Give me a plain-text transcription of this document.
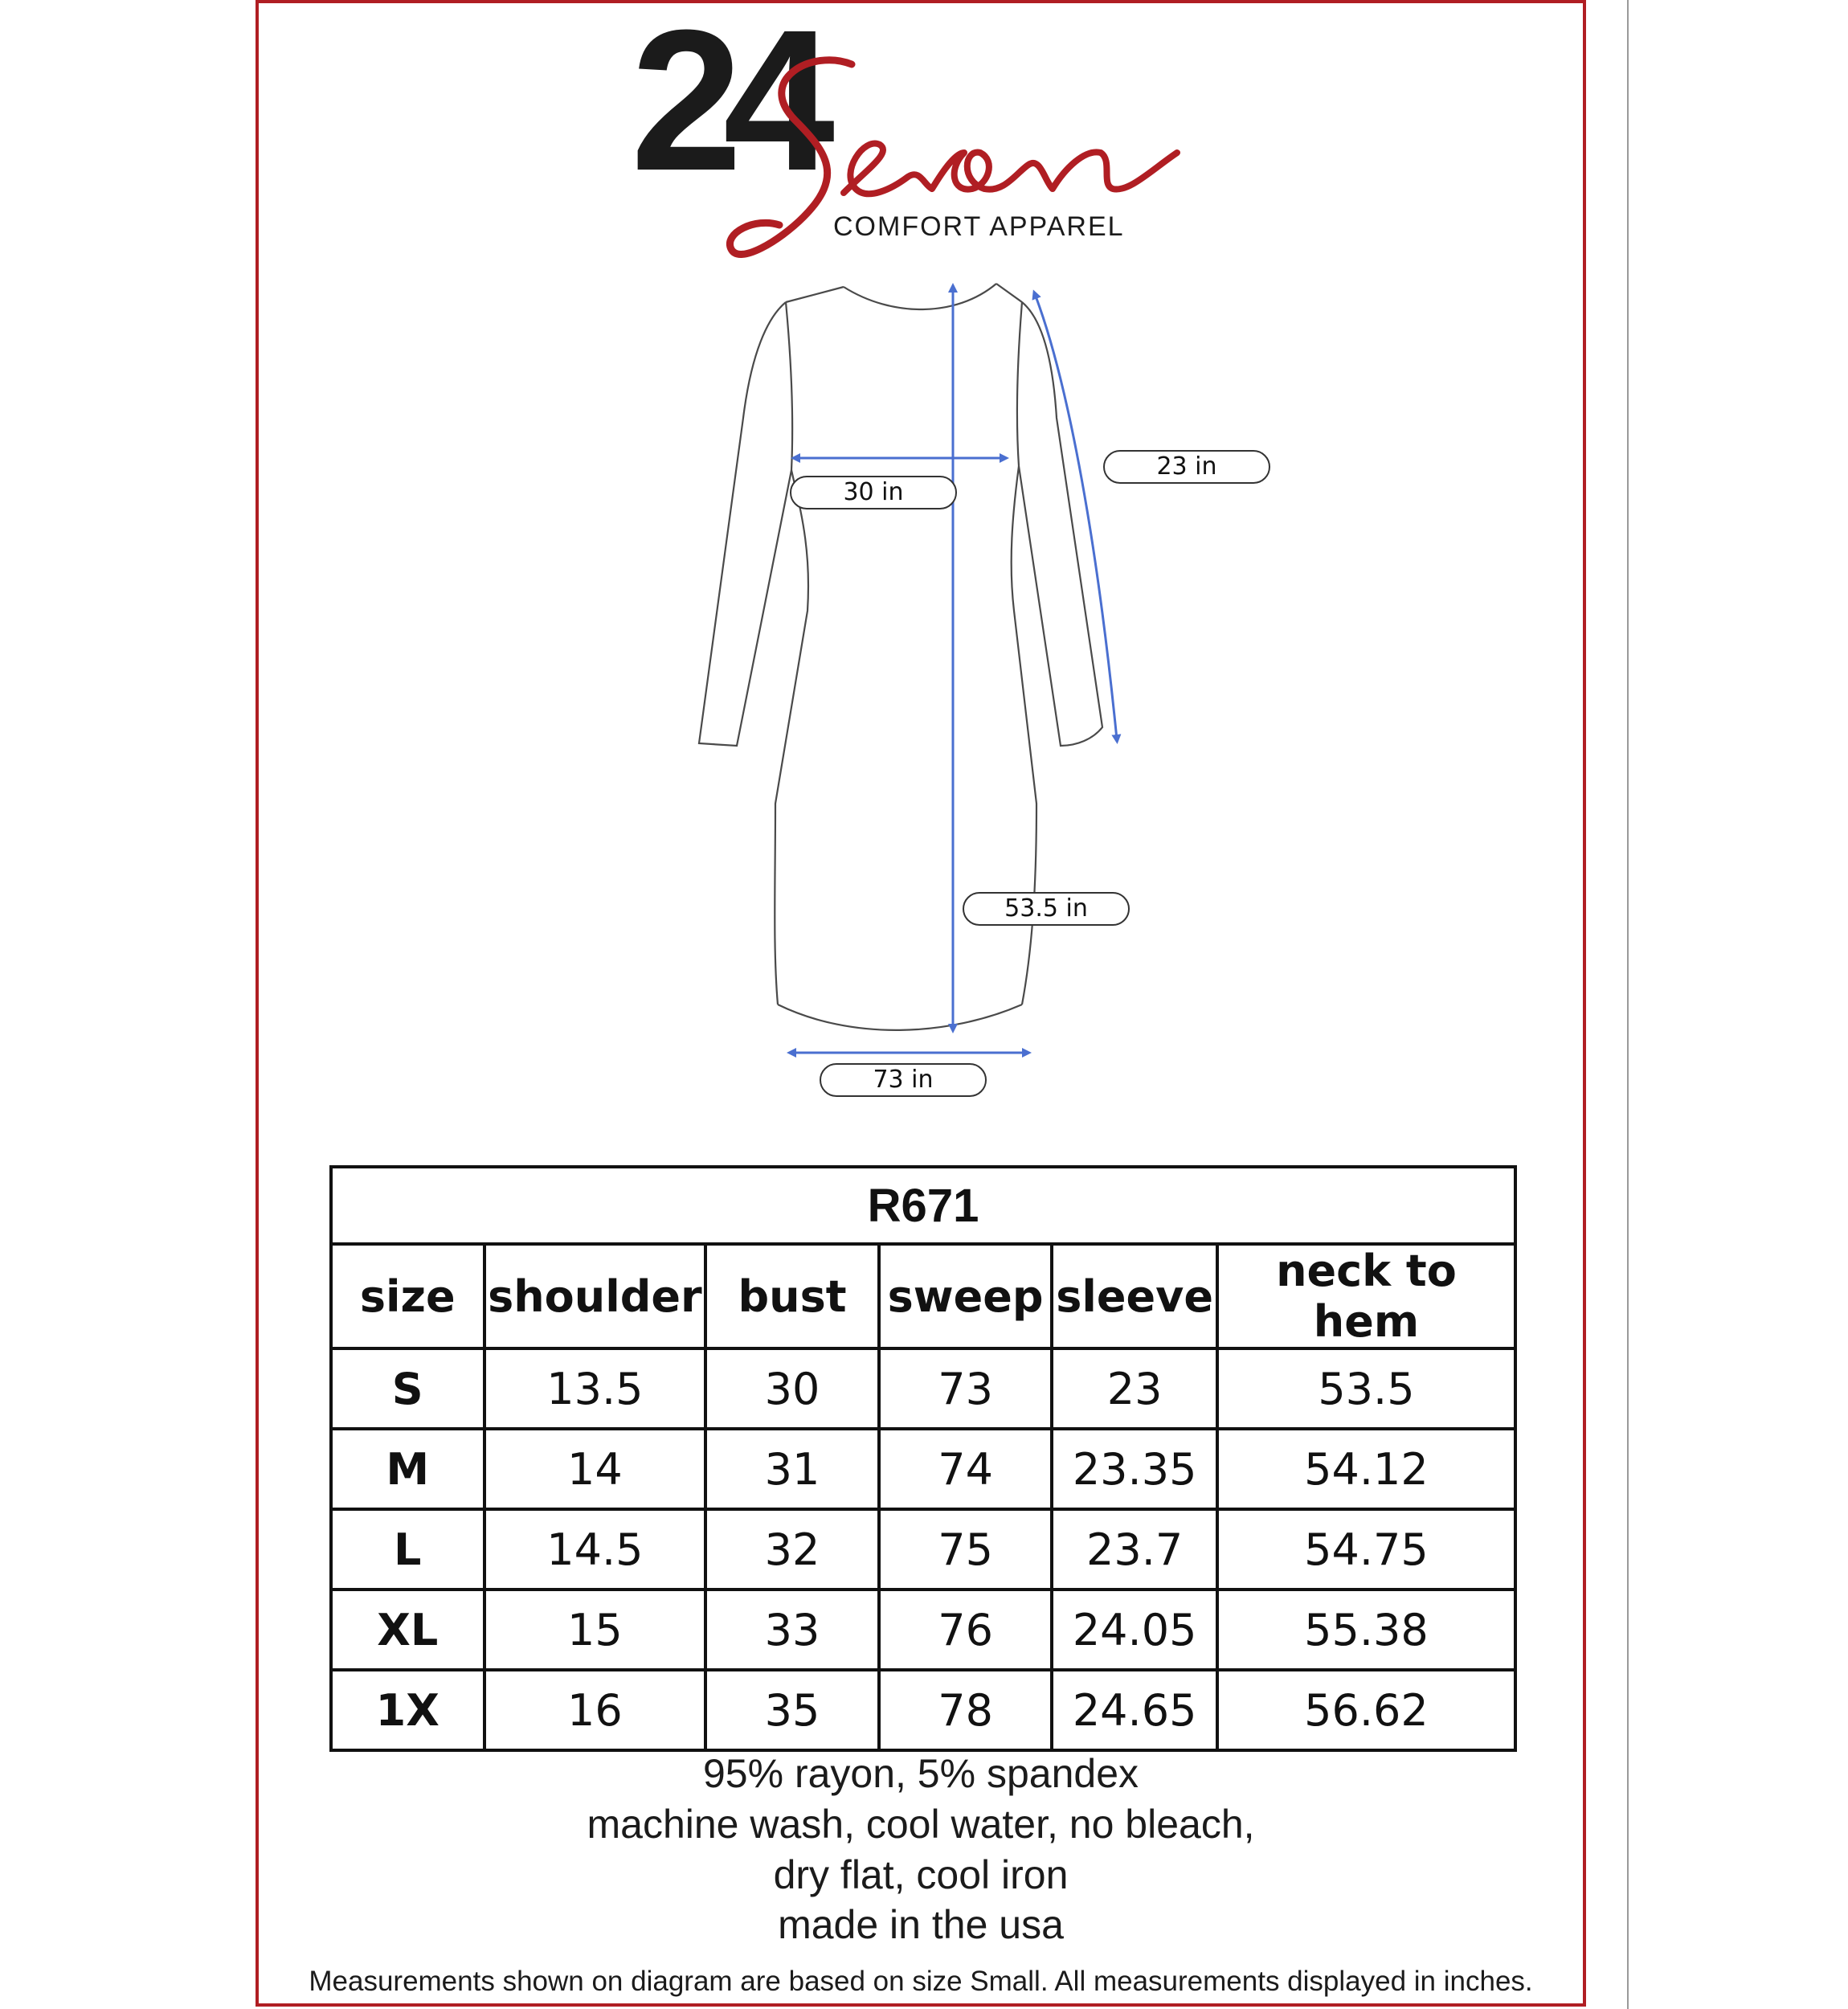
24
COMFORT APPAREL
23 in
30 in
53.5 in
73 in
R671					
size	shoulder	bust	sweep	sleeve	neck to hem
S	13.5	30	73	23	53.5
M	14	31	74	23.35	54.12
L	14.5	32	75	23.7	54.75
XL	15	33	76	24.05	55.38
1X	16	35	78	24.65	56.62
95% rayon, 5% spandex
machine wash, cool water, no bleach,
dry flat, cool iron
made in the usa
Measurements shown on diagram are based on size Small. All measurements displayed in inches.
